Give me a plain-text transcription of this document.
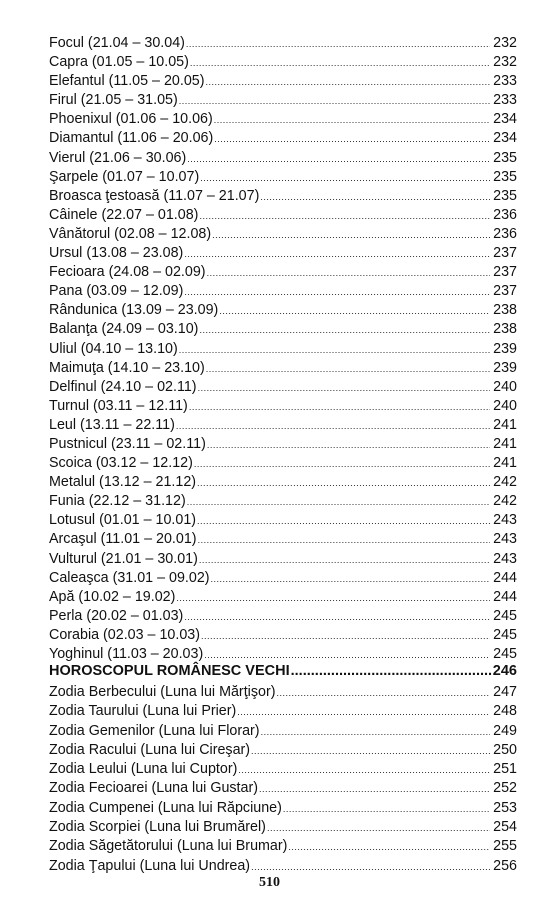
Focul (21.04 – 30.04) .....	232
Capra (01.05 – 10.05) .....	232
Elefantul (11.05 – 20.05) .....	233
Firul (21.05 – 31.05) .....	233
Phoenixul (01.06 – 10.06) .....	234
Diamantul (11.06 – 20.06) .....	234
Vierul (21.06 – 30.06) .....	235
Şarpele (01.07 – 10.07) .....	235
Broasca ţestoasă (11.07 – 21.07) .....	235
Câinele (22.07 – 01.08) .....	236
Vânătorul (02.08 – 12.08) .....	236
Ursul (13.08 – 23.08) .....	237
Fecioara (24.08 – 02.09) .....	237
Pana (03.09 – 12.09) .....	237
Rândunica (13.09 – 23.09) .....	238
Balanţa (24.09 – 03.10) .....	238
Uliul (04.10 – 13.10) .....	239
Maimuţa (14.10 – 23.10) .....	239
Delfinul (24.10 – 02.11) .....	240
Turnul (03.11 – 12.11) .....	240
Leul (13.11 – 22.11) .....	241
Pustnicul (23.11 – 02.11) .....	241
Scoica (03.12 – 12.12) .....	241
Metalul (13.12 – 21.12) .....	242
Funia (22.12 – 31.12) .....	242
Lotusul (01.01 – 10.01) .....	243
Arcaşul (11.01 – 20.01) .....	243
Vulturul (21.01 – 30.01) .....	243
Caleaşca (31.01 – 09.02) .....	244
Apă (10.02 – 19.02) .....	244
Perla (20.02 – 01.03) .....	245
Corabia (02.03 – 10.03) .....	245
Yoghinul (11.03 – 20.03) .....	245
HOROSCOPUL ROMÂNESC VECHI .....	246
Zodia Berbecului (Luna lui Mărţişor) .....	247
Zodia Taurului (Luna lui Prier) .....	248
Zodia Gemenilor (Luna lui Florar) .....	249
Zodia Racului (Luna lui Cireşar) .....	250
Zodia Leului (Luna lui Cuptor) .....	251
Zodia Fecioarei (Luna lui Gustar) .....	252
Zodia Cumpenei (Luna lui Răpciune) .....	253
Zodia Scorpiei (Luna lui Brumărel) .....	254
Zodia Săgetătorului (Luna lui Brumar) .....	255
Zodia Ţapului (Luna lui Undrea) .....	256
510
